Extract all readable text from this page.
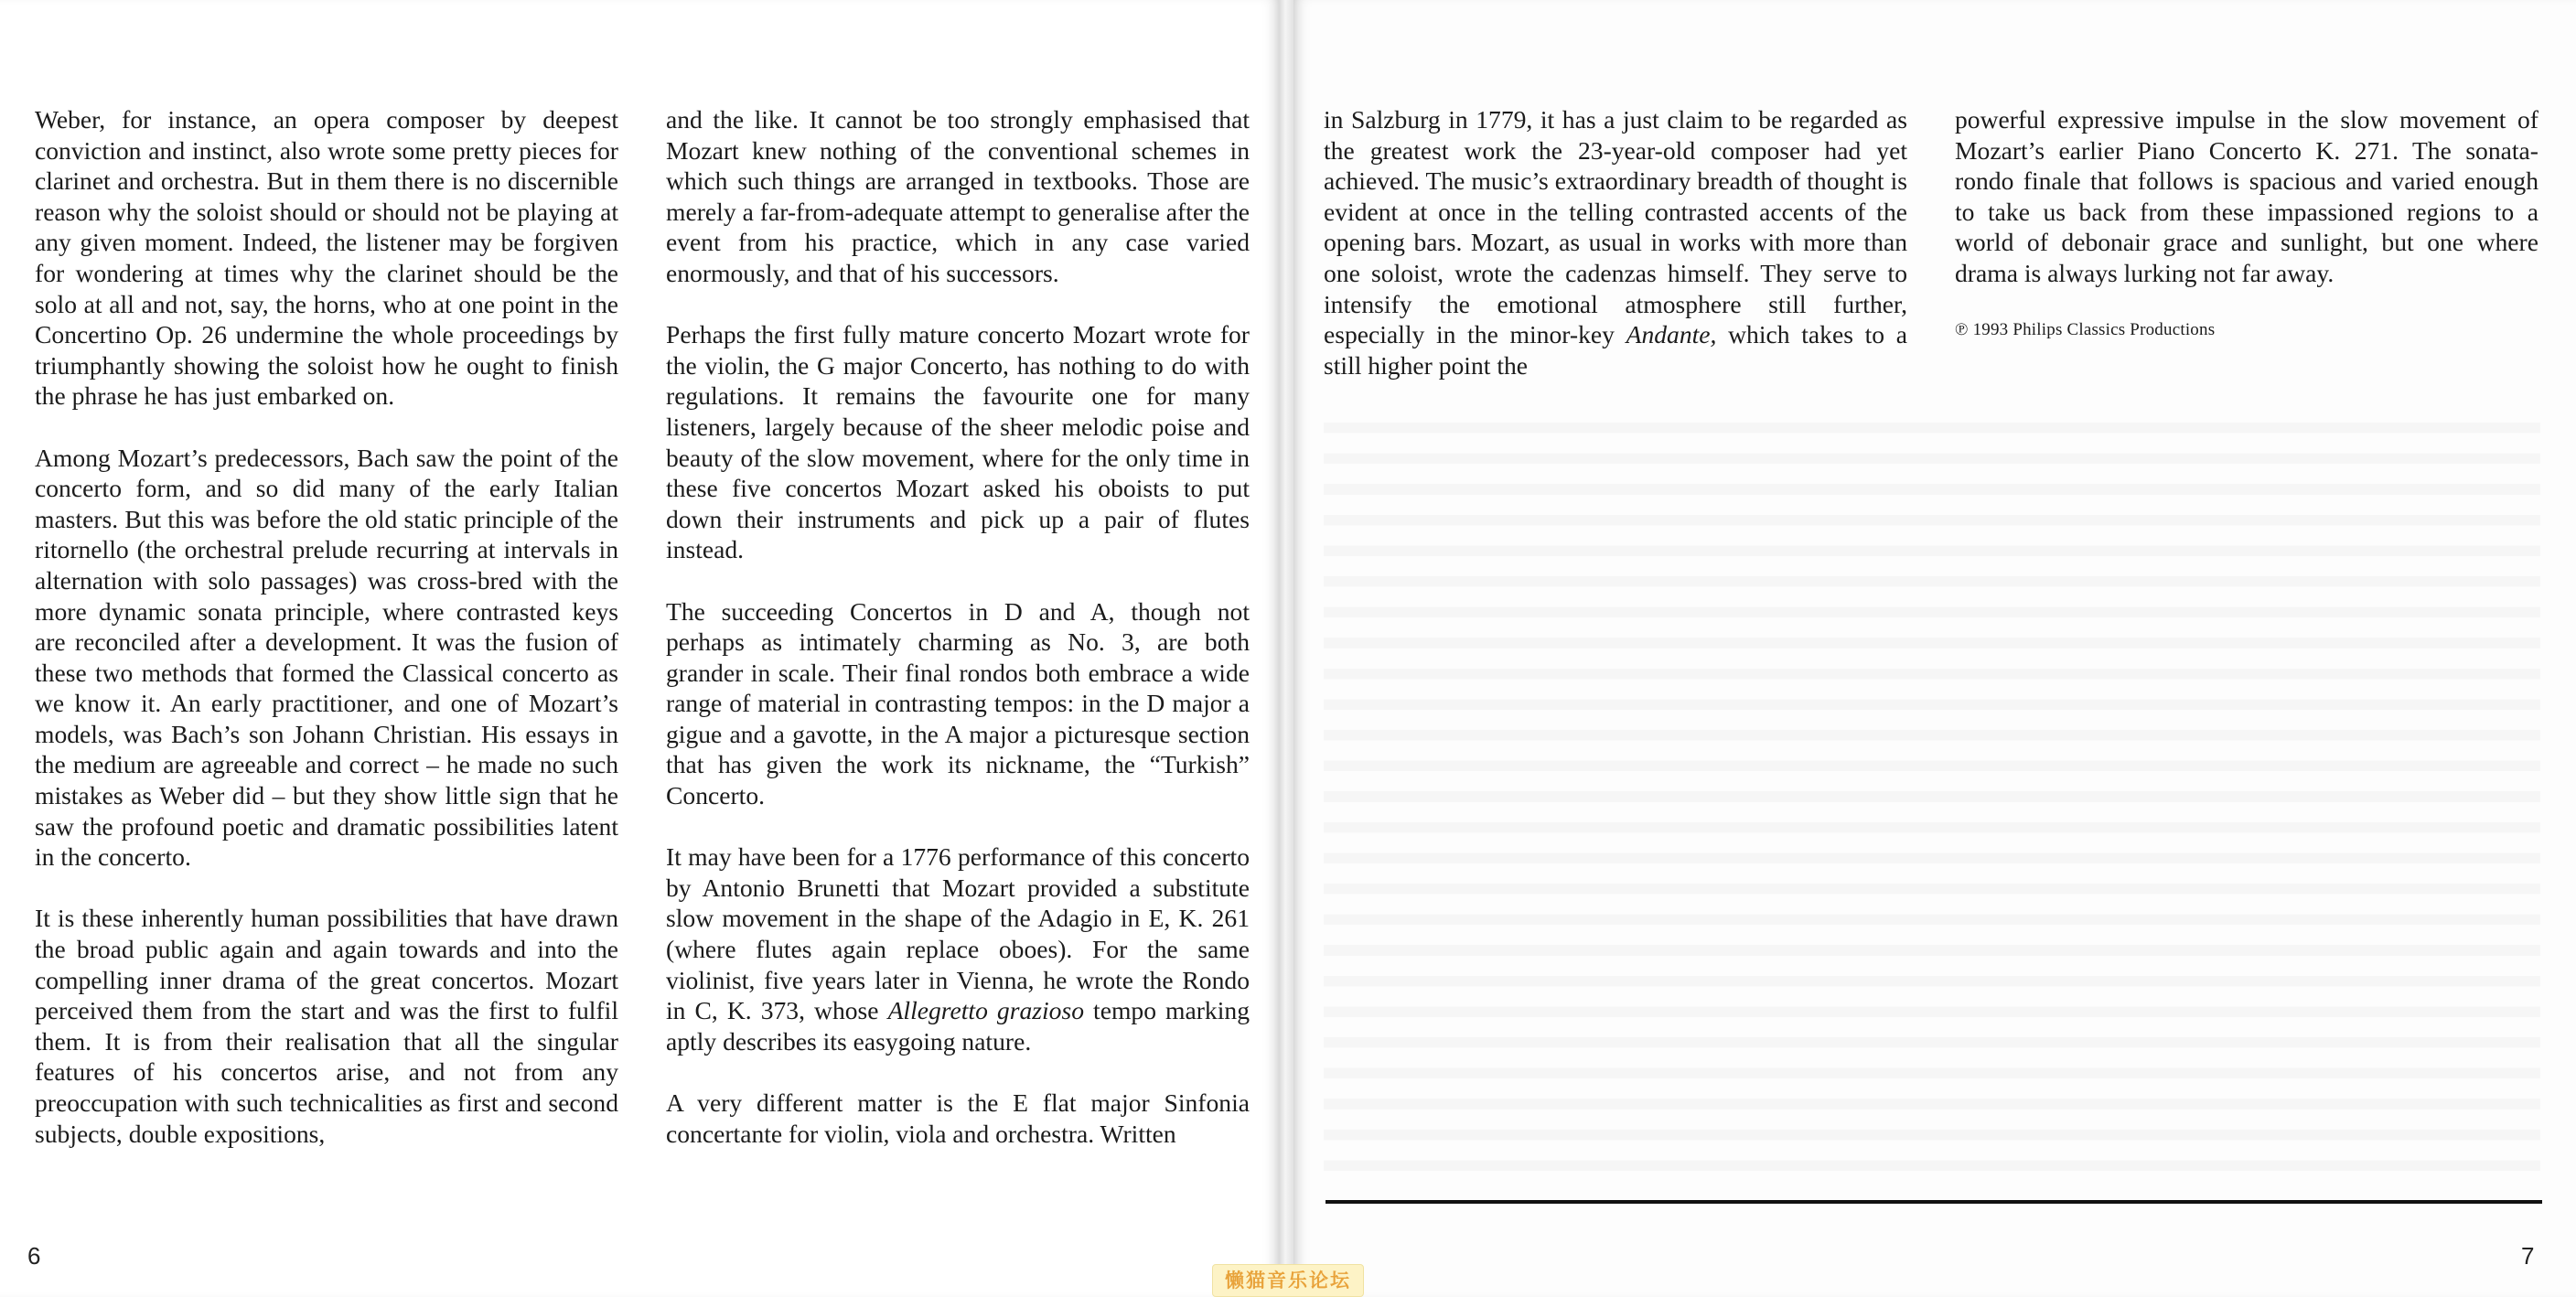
Weber, for instance, an opera composer by deepest conviction and instinct, also wrote some pretty pieces for clarinet and orchestra. But in them there is no discernible reason why the soloist should or should not be playing at any given moment. Indeed, the listener may be forgiven for wondering at times why the clarinet should be the solo at all and not, say, the horns, who at one point in the Concertino Op. 26 undermine the whole proceedings by triumphantly showing the soloist how he ought to finish the phrase he has just embarked on.

Among Mozart’s predecessors, Bach saw the point of the concerto form, and so did many of the early Italian masters. But this was before the old static principle of the ritornello (the orchestral prelude recurring at intervals in alternation with solo passages) was cross-bred with the more dynamic sonata principle, where contrasted keys are reconciled after a development. It was the fusion of these two methods that formed the Classical concerto as we know it. An early practitioner, and one of Mozart’s models, was Bach’s son Johann Christian. His essays in the medium are agreeable and correct – he made no such mistakes as Weber did – but they show little sign that he saw the profound poetic and dramatic possibilities latent in the concerto.

It is these inherently human possibilities that have drawn the broad public again and again towards and into the compelling inner drama of the great concertos. Mozart perceived them from the start and was the first to fulfil them. It is from their realisation that all the singular features of his concertos arise, and not from any preoccupation with such technicalities as first and second subjects, double expositions,

and the like. It cannot be too strongly emphasised that Mozart knew nothing of the conventional schemes in which such things are arranged in textbooks. Those are merely a far-from-adequate attempt to generalise after the event from his practice, which in any case varied enormously, and that of his successors.

Perhaps the first fully mature concerto Mozart wrote for the violin, the G major Concerto, has nothing to do with regulations. It remains the favourite one for many listeners, largely because of the sheer melodic poise and beauty of the slow movement, where for the only time in these five concertos Mozart asked his oboists to put down their instruments and pick up a pair of flutes instead.

The succeeding Concertos in D and A, though not perhaps as intimately charming as No. 3, are both grander in scale. Their final rondos both embrace a wide range of material in contrasting tempos: in the D major a gigue and a gavotte, in the A major a picturesque section that has given the work its nickname, the “Turkish” Concerto.

It may have been for a 1776 performance of this concerto by Antonio Brunetti that Mozart provided a substitute slow movement in the shape of the Adagio in E, K. 261 (where flutes again replace oboes). For the same violinist, five years later in Vienna, he wrote the Rondo in C, K. 373, whose Allegretto grazioso tempo marking aptly describes its easygoing nature.

A very different matter is the E flat major Sinfonia concertante for violin, viola and orchestra. Written

6

in Salzburg in 1779, it has a just claim to be regarded as the greatest work the 23-year-old composer had yet achieved. The music’s extraordinary breadth of thought is evident at once in the telling contrasted accents of the opening bars. Mozart, as usual in works with more than one soloist, wrote the cadenzas himself. They serve to intensify the emotional atmosphere still further, especially in the minor-key Andante, which takes to a still higher point the

powerful expressive impulse in the slow movement of Mozart’s earlier Piano Concerto K. 271. The sonata-rondo finale that follows is spacious and varied enough to take us back from these impassioned regions to a world of debonair grace and sunlight, but one where drama is always lurking not far away.

℗ 1993 Philips Classics Productions
7
懒猫音乐论坛
